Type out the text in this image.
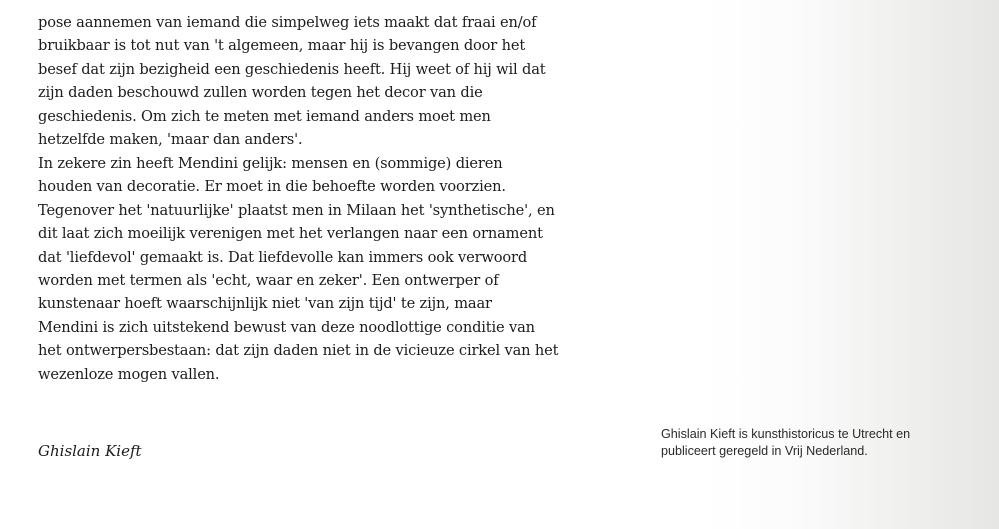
pose aannemen van iemand die simpelweg iets maakt dat fraai en/of
bruikbaar is tot nut van 't algemeen, maar hij is bevangen door het
besef dat zijn bezigheid een geschiedenis heeft. Hij weet of hij wil dat
zijn daden beschouwd zullen worden tegen het decor van die
geschiedenis. Om zich te meten met iemand anders moet men
hetzelfde maken, 'maar dan anders'.
In zekere zin heeft Mendini gelijk: mensen en (sommige) dieren
houden van decoratie. Er moet in die behoefte worden voorzien.
Tegenover het 'natuurlijke' plaatst men in Milaan het 'synthetische', en
dit laat zich moeilijk verenigen met het verlangen naar een ornament
dat 'liefdevol' gemaakt is. Dat liefdevolle kan immers ook verwoord
worden met termen als 'echt, waar en zeker'. Een ontwerper of
kunstenaar hoeft waarschijnlijk niet 'van zijn tijd' te zijn, maar
Mendini is zich uitstekend bewust van deze noodlottige conditie van
het ontwerpersbestaan: dat zijn daden niet in de vicieuze cirkel van het
wezenloze mogen vallen.

Ghislain Kieft
Ghislain Kieft is kunsthistoricus te Utrecht en
publiceert geregeld in Vrij Nederland.
